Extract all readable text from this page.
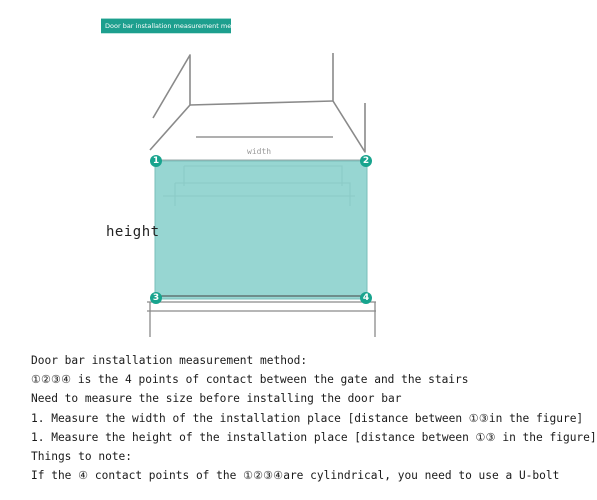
Door bar installation measurement method
width
height
1	2
3	4
Door bar installation measurement method:
①②③④ is the 4 points of contact between the gate and the stairs
Need to measure the size before installing the door bar
1. Measure the width of the installation place [distance between ①③in the figure]
1. Measure the height of the installation place [distance between ①③ in the figure]
Things to note:
If the ④ contact points of the ①②③④are cylindrical, you need to use a U-bolt
